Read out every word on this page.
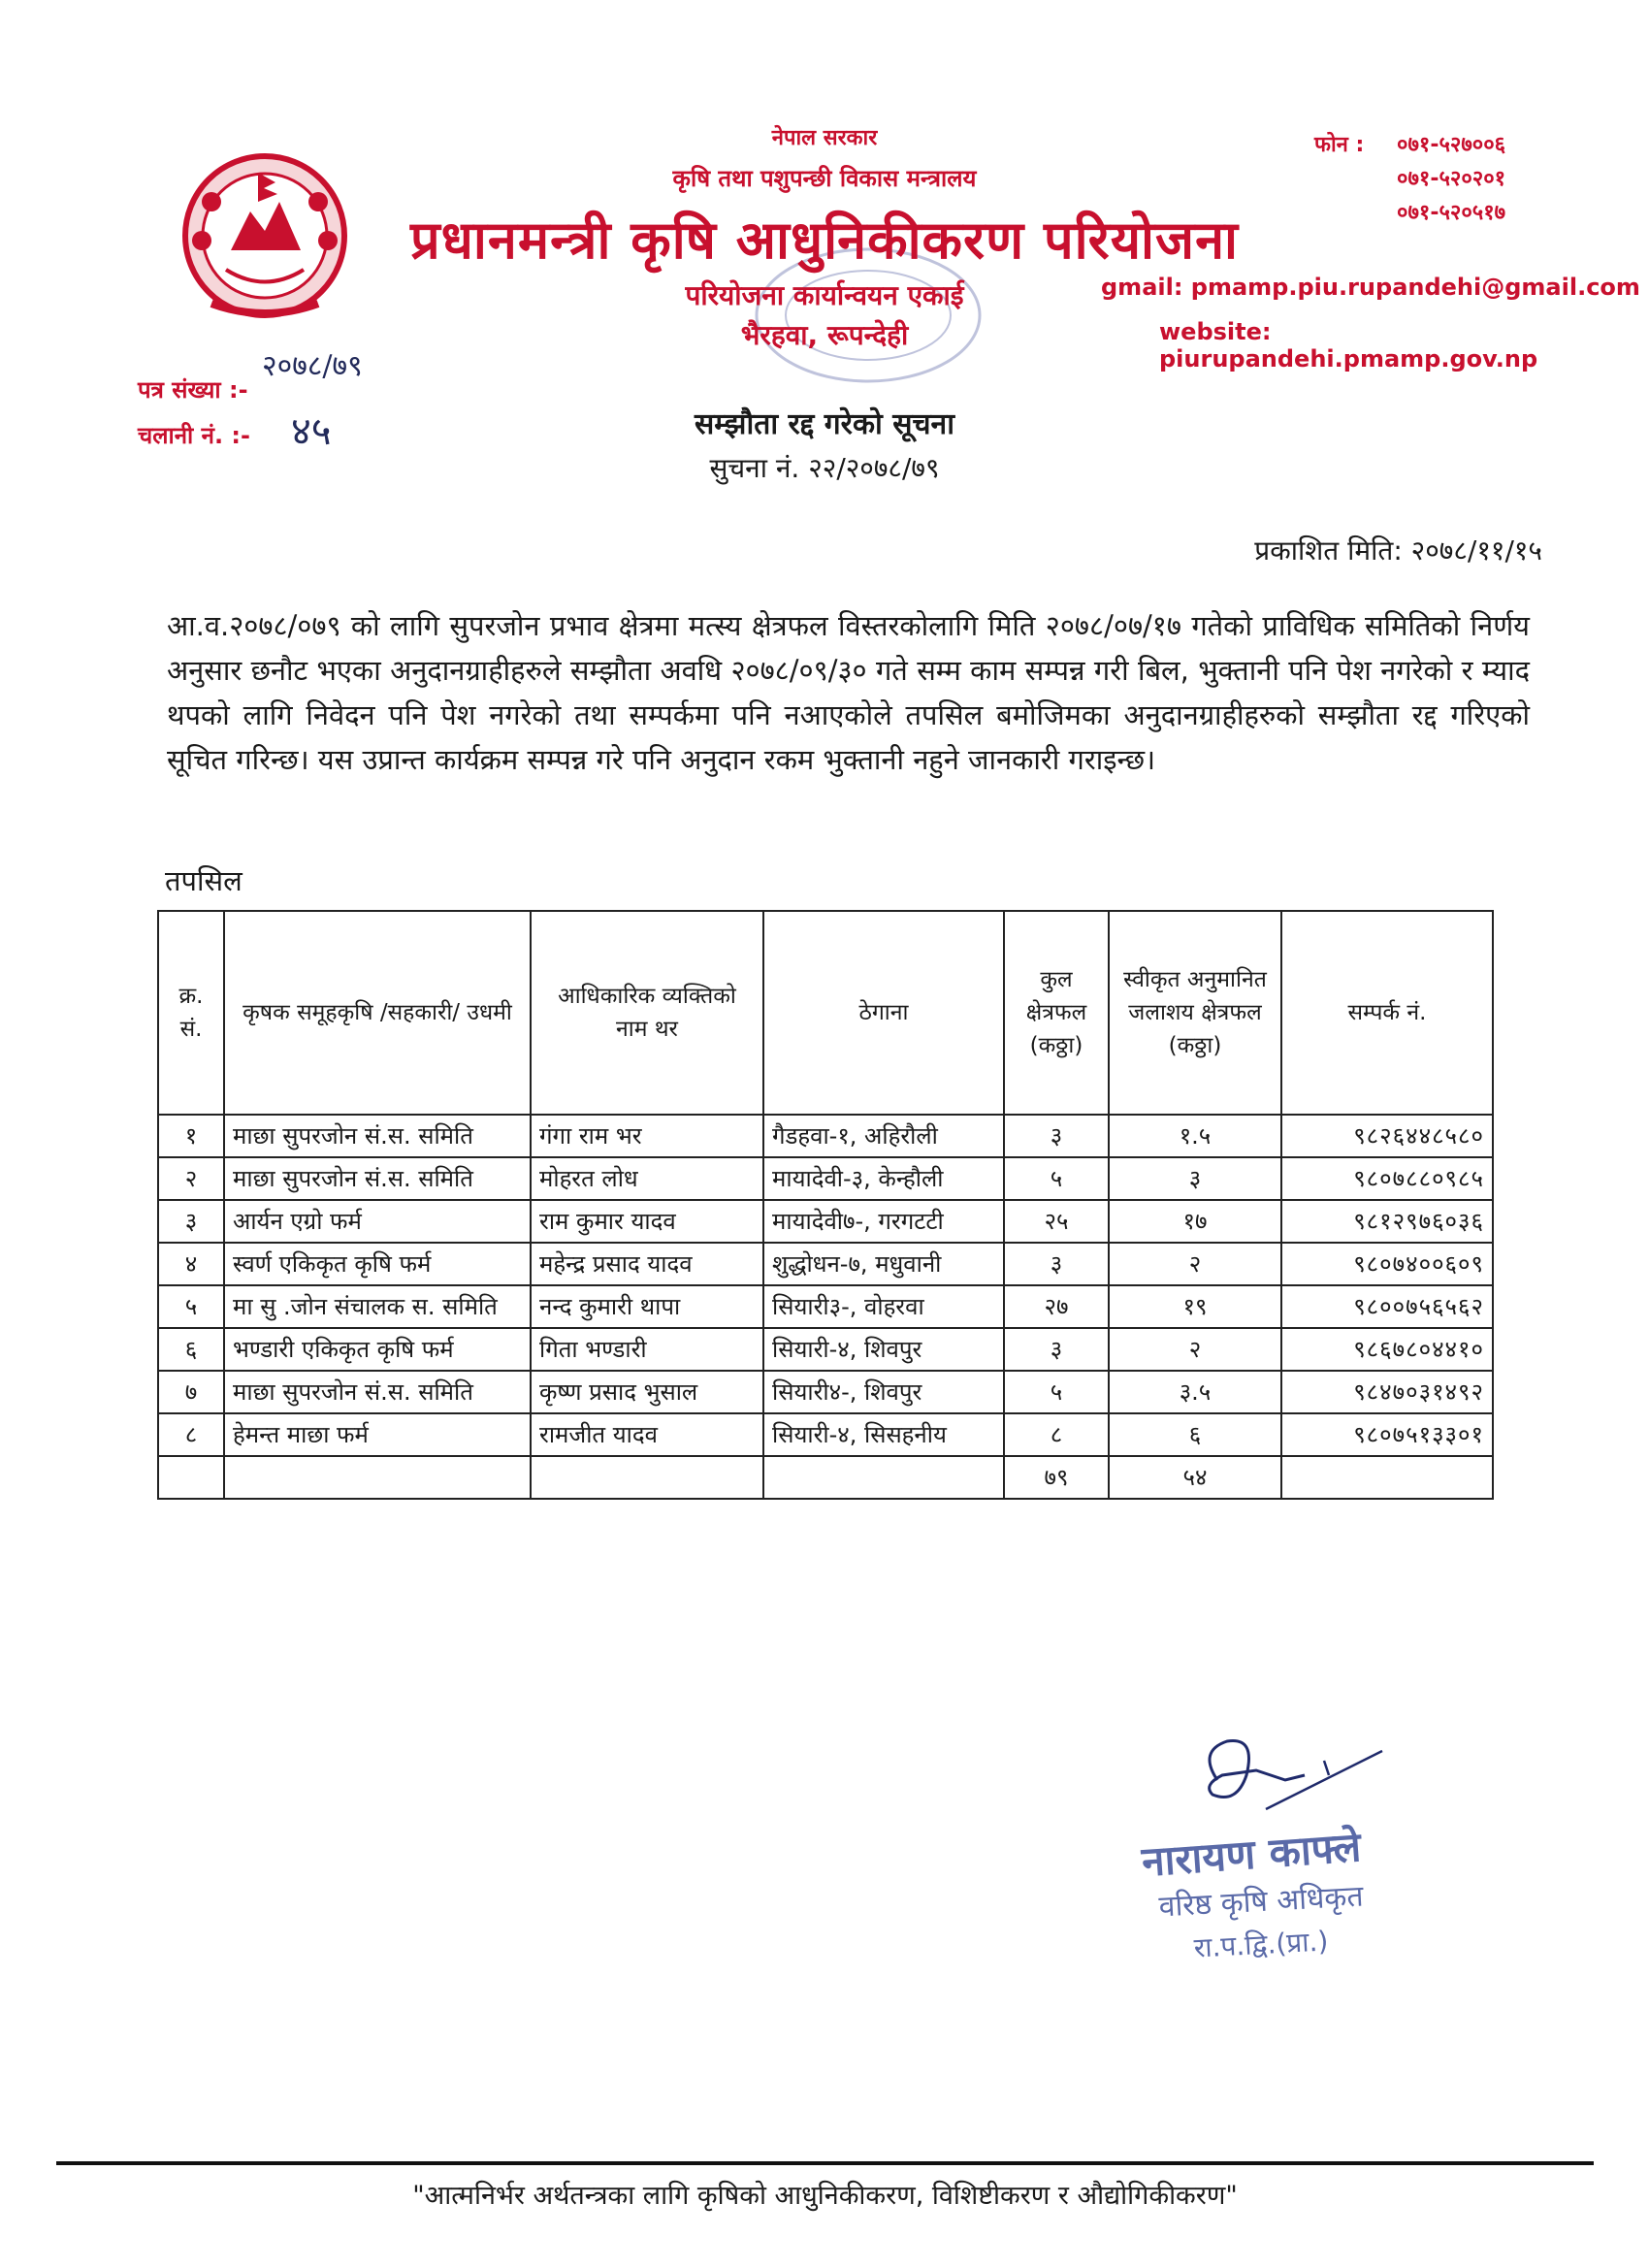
नेपाल सरकार
कृषि तथा पशुपन्छी विकास मन्त्रालय
प्रधानमन्त्री कृषि आधुनिकीकरण परियोजना
परियोजना कार्यान्वयन एकाई
भैरहवा, रूपन्देही
फोन : ०७१-५२७००६
०७१-५२०२०१
०७१-५२०५१७
gmail: pmamp.piu.rupandehi@gmail.com
website: piurupandehi.pmamp.gov.np
२०७८/७९
पत्र संख्या :-
चलानी नं. :- ४५	सम्झौता रद्द गरेको सूचना
सुचना नं. २२/२०७८/७९
प्रकाशित मिति: २०७८/११/१५
आ.व.२०७८/०७९ को लागि सुपरजोन प्रभाव क्षेत्रमा मत्स्य क्षेत्रफल विस्तरकोलागि मिति २०७८/०७/१७ गतेको प्राविधिक समितिको निर्णय अनुसार छनौट भएका अनुदानग्राहीहरुले सम्झौता अवधि २०७८/०९/३० गते सम्म काम सम्पन्न गरी बिल, भुक्तानी पनि पेश नगरेको र म्याद थपको लागि निवेदन पनि पेश नगरेको तथा सम्पर्कमा पनि नआएकोले तपसिल बमोजिमका अनुदानग्राहीहरुको सम्झौता रद्द गरिएको सूचित गरिन्छ। यस उप्रान्त कार्यक्रम सम्पन्न गरे पनि अनुदान रकम भुक्तानी नहुने जानकारी गराइन्छ।
तपसिल
क्र. सं.	कृषक समूहकृषि /सहकारी/ उधमी	आधिकारिक व्यक्तिको नाम थर	ठेगाना	कुल क्षेत्रफल (कठ्ठा)	स्वीकृत अनुमानित जलाशय क्षेत्रफल (कठ्ठा)	सम्पर्क नं.
१	माछा सुपरजोन सं.स. समिति	गंगा राम भर	गैडहवा-१, अहिरौली	३	१.५	९८२६४४८५८०
२	माछा सुपरजोन सं.स. समिति	मोहरत लोध	मायादेवी-३, केन्हौली	५	३	९८०७८८०९८५
३	आर्यन एग्रो फर्म	राम कुमार यादव	मायादेवी७-, गरगटटी	२५	१७	९८१२९७६०३६
४	स्वर्ण एकिकृत कृषि फर्म	महेन्द्र प्रसाद यादव	शुद्धोधन-७, मधुवानी	३	२	९८०७४००६०९
५	मा सु .जोन संचालक स. समिति	नन्द कुमारी थापा	सियारी३-, वोहरवा	२७	१९	९८००७५६५६२
६	भण्डारी एकिकृत कृषि फर्म	गिता भण्डारी	सियारी-४, शिवपुर	३	२	९८६७८०४४१०
७	माछा सुपरजोन सं.स. समिति	कृष्ण प्रसाद भुसाल	सियारी४-, शिवपुर	५	३.५	९८४७०३१४९२
८	हेमन्त माछा फर्म	रामजीत यादव	सियारी-४, सिसहनीय	८	६	९८०७५१३३०१
				७९	५४	
नारायण काफ्ले
वरिष्ठ कृषि अधिकृत
रा.प.द्वि.(प्रा.)
"आत्मनिर्भर अर्थतन्त्रका लागि कृषिको आधुनिकीकरण, विशिष्टीकरण र औद्योगिकीकरण"
